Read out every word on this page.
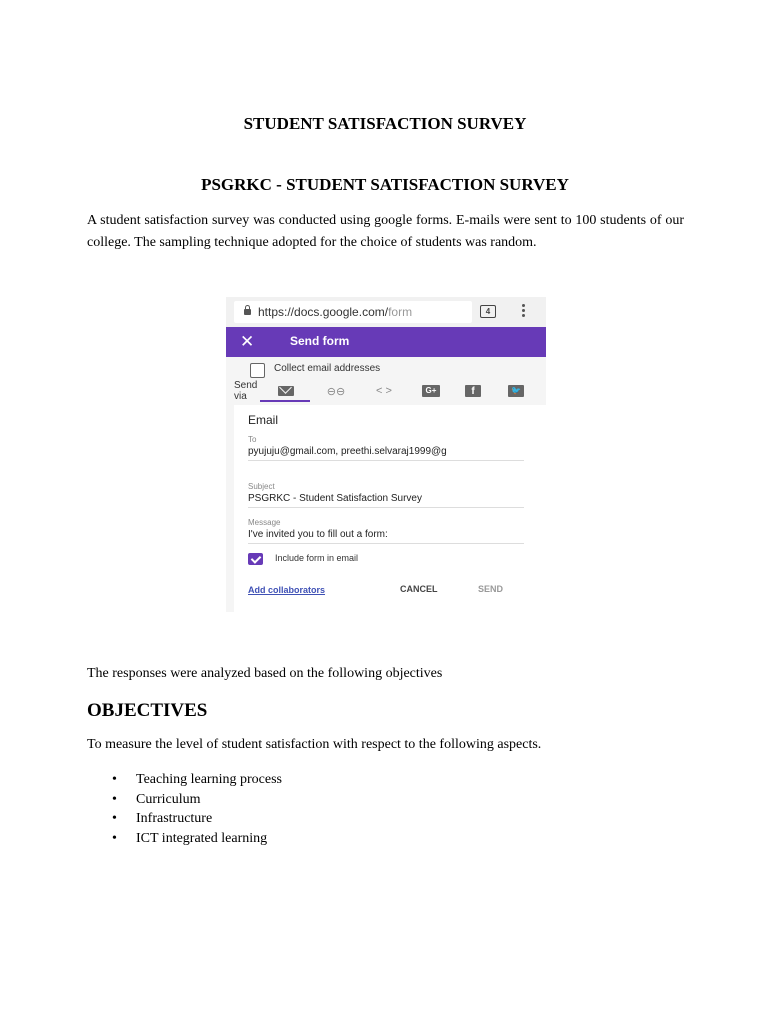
STUDENT SATISFACTION SURVEY
PSGRKC - STUDENT SATISFACTION SURVEY
A student satisfaction survey was conducted using google forms. E-mails were sent to 100 students of our college. The sampling technique adopted for the choice of students was random.
https://docs.google.com/form	4
✕	Send form
Collect email addresses
Send
via	⊖⊖	< >	G+	f	🐦
Email
To
pyujuju@gmail.com, preethi.selvaraj1999@g
Subject
PSGRKC - Student Satisfaction Survey
Message
I've invited you to fill out a form:
Include form in email
Add collaborators	CANCEL	SEND
The responses were analyzed based on the following objectives
OBJECTIVES
To measure the level of student satisfaction with respect to the following aspects.
• Teaching learning process
• Curriculum
• Infrastructure
• ICT integrated learning
